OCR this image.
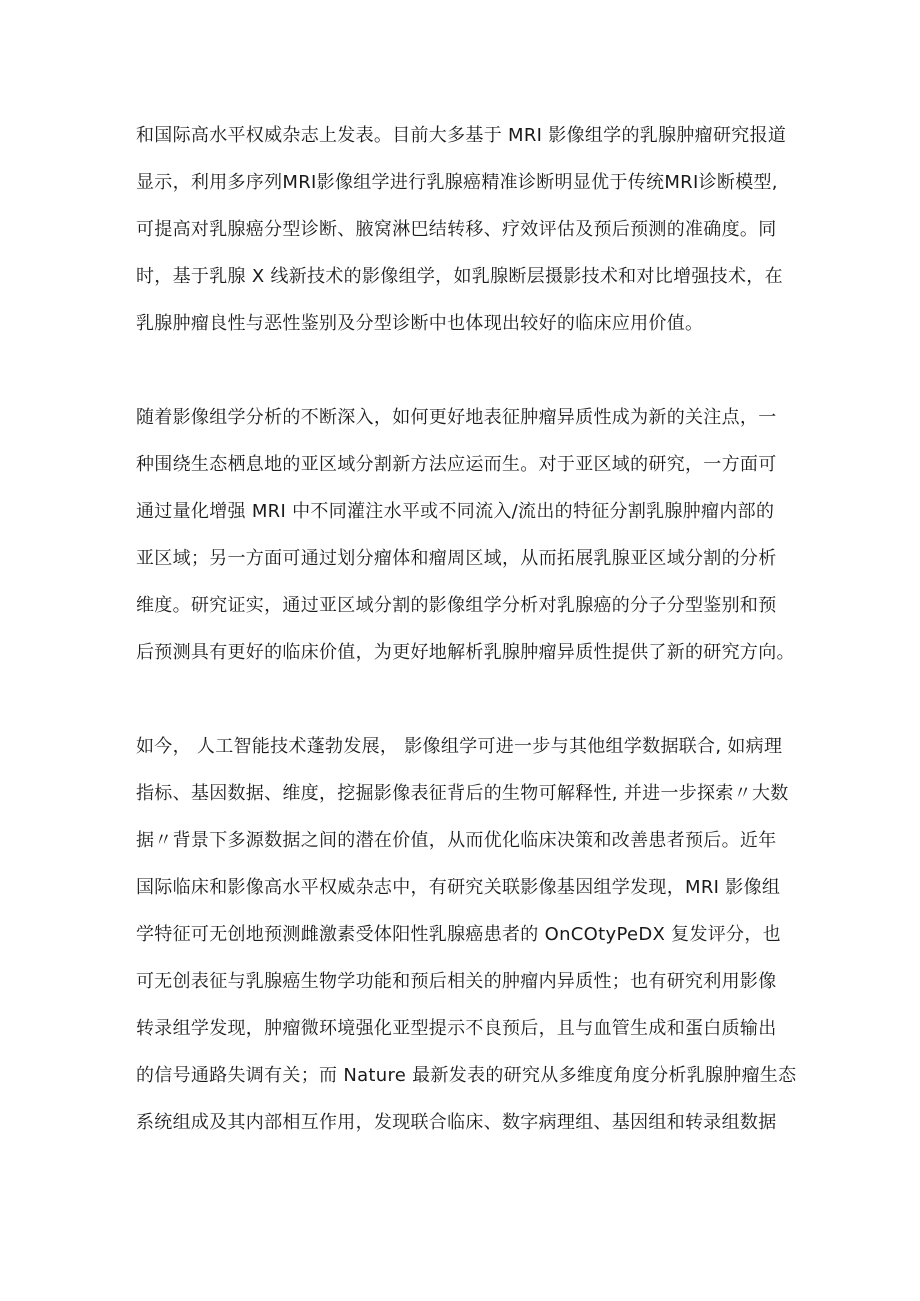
和国际高水平权威杂志上发表。目前大多基于 MRI 影像组学的乳腺肿瘤研究报道
显示，利用多序列MRI影像组学进行乳腺癌精准诊断明显优于传统MRI诊断模型,
可提高对乳腺癌分型诊断、腋窝淋巴结转移、疗效评估及预后预测的准确度。同
时，基于乳腺 X 线新技术的影像组学，如乳腺断层摄影技术和对比增强技术，在
乳腺肿瘤良性与恶性鉴别及分型诊断中也体现出较好的临床应用价值。
随着影像组学分析的不断深入，如何更好地表征肿瘤异质性成为新的关注点，一
种围绕生态栖息地的亚区域分割新方法应运而生。对于亚区域的研究，一方面可
通过量化增强 MRI 中不同灌注水平或不同流入/流出的特征分割乳腺肿瘤内部的
亚区域；另一方面可通过划分瘤体和瘤周区域，从而拓展乳腺亚区域分割的分析
维度。研究证实，通过亚区域分割的影像组学分析对乳腺癌的分子分型鉴别和预
后预测具有更好的临床价值，为更好地解析乳腺肿瘤异质性提供了新的研究方向。
如今， 人工智能技术蓬勃发展， 影像组学可进一步与其他组学数据联合, 如病理
指标、基因数据、维度，挖掘影像表征背后的生物可解释性, 并进一步探索〃大数
据〃背景下多源数据之间的潜在价值，从而优化临床决策和改善患者预后。近年
国际临床和影像高水平权威杂志中，有研究关联影像基因组学发现，MRI 影像组
学特征可无创地预测雌激素受体阳性乳腺癌患者的 OnCOtyPeDX 复发评分，也
可无创表征与乳腺癌生物学功能和预后相关的肿瘤内异质性；也有研究利用影像
转录组学发现，肿瘤微环境强化亚型提示不良预后，且与血管生成和蛋白质输出
的信号通路失调有关；而 Nature 最新发表的研究从多维度角度分析乳腺肿瘤生态
系统组成及其内部相互作用，发现联合临床、数字病理组、基因组和转录组数据
